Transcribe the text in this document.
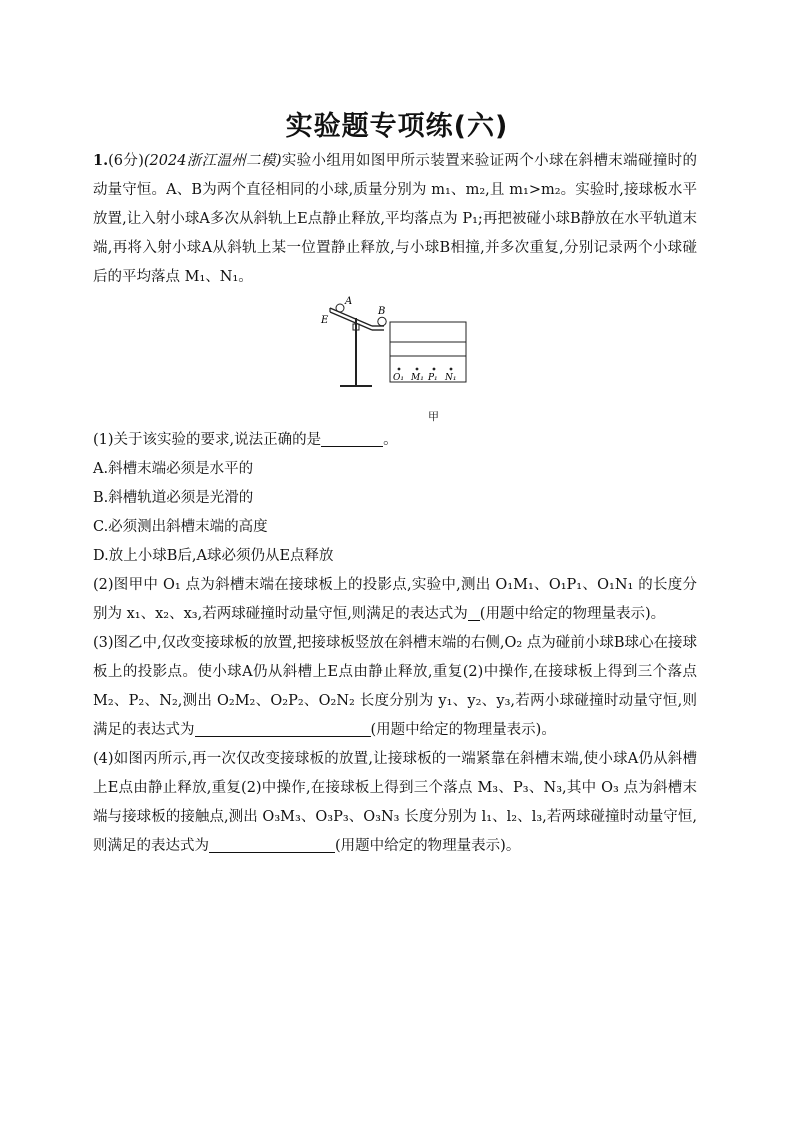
实验题专项练(六)

1.(6分)(2024浙江温州二模)实验小组用如图甲所示装置来验证两个小球在斜槽末端碰撞时的动量守恒。A、B为两个直径相同的小球,质量分别为 m₁、m₂,且 m₁>m₂。实验时,接球板水平放置,让入射小球A多次从斜轨上E点静止释放,平均落点为 P₁;再把被碰小球B静放在水平轨道末端,再将入射小球A从斜轨上某一位置静止释放,与小球B相撞,并多次重复,分别记录两个小球碰后的平均落点 M₁、N₁。

A
B
E
O₁ M₁ P₁ N₁
甲

(1)关于该实验的要求,说法正确的是	。

A.斜槽末端必须是水平的

B.斜槽轨道必须是光滑的

C.必须测出斜槽末端的高度

D.放上小球B后,A球必须仍从E点释放

(2)图甲中 O₁ 点为斜槽末端在接球板上的投影点,实验中,测出 O₁M₁、O₁P₁、O₁N₁ 的长度分别为 x₁、x₂、x₃,若两球碰撞时动量守恒,则满足的表达式为 (用题中给定的物理量表示)。

(3)图乙中,仅改变接球板的放置,把接球板竖放在斜槽末端的右侧,O₂ 点为碰前小球B球心在接球板上的投影点。使小球A仍从斜槽上E点由静止释放,重复(2)中操作,在接球板上得到三个落点 M₂、P₂、N₂,测出 O₂M₂、O₂P₂、O₂N₂ 长度分别为 y₁、y₂、y₃,若两小球碰撞时动量守恒,则满足的表达式为	(用题中给定的物理量表示)。

(4)如图丙所示,再一次仅改变接球板的放置,让接球板的一端紧靠在斜槽末端,使小球A仍从斜槽上E点由静止释放,重复(2)中操作,在接球板上得到三个落点 M₃、P₃、N₃,其中 O₃ 点为斜槽末端与接球板的接触点,测出 O₃M₃、O₃P₃、O₃N₃ 长度分别为 l₁、l₂、l₃,若两球碰撞时动量守恒,则满足的表达式为	(用题中给定的物理量表示)。
